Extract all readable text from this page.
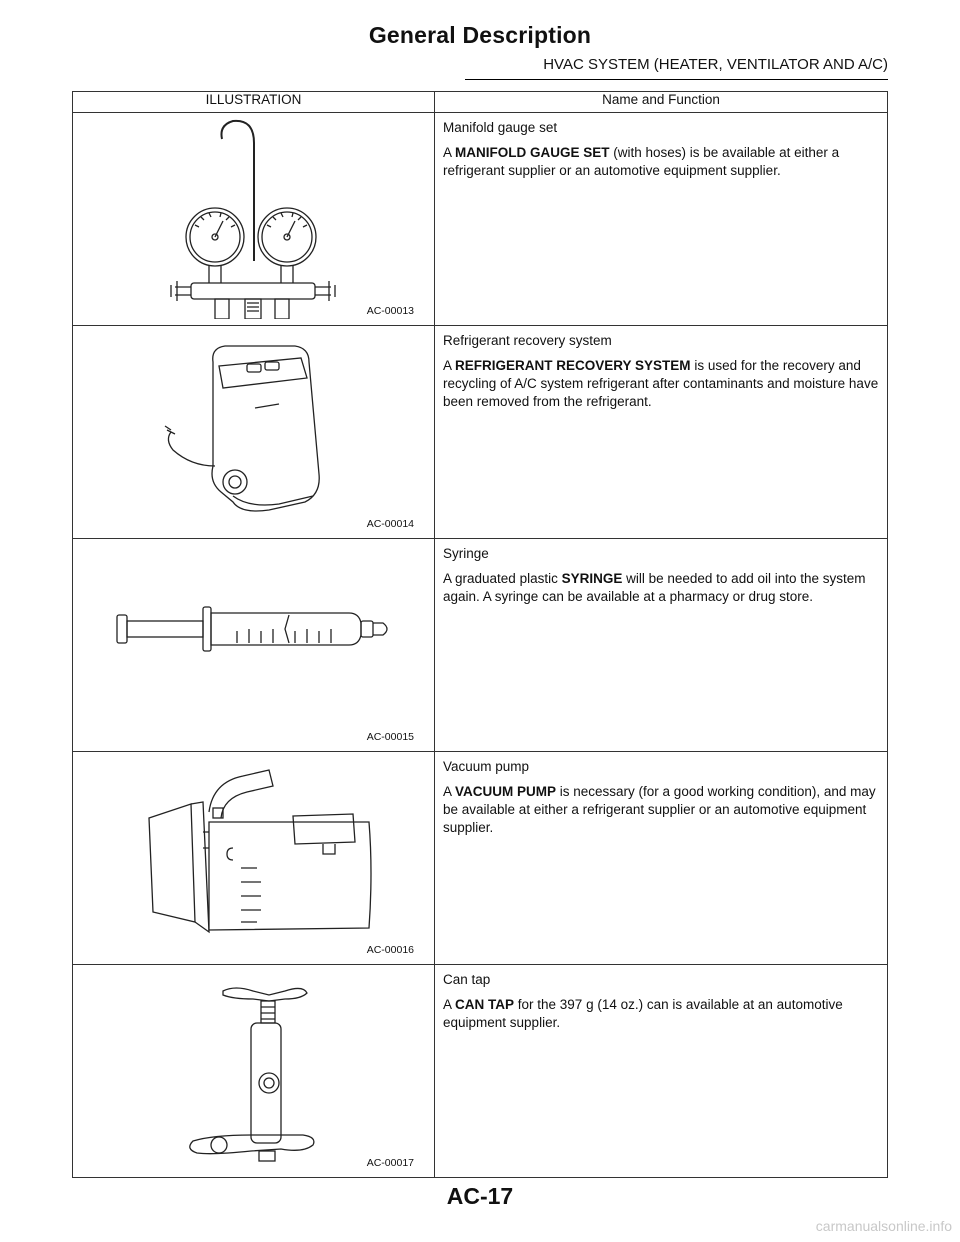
General Description
HVAC SYSTEM (HEATER, VENTILATOR AND A/C)
ILLUSTRATION	Name and Function

AC-00013	Manifold gauge set

A MANIFOLD GAUGE SET (with hoses) is be available at either a refrigerant supplier or an automotive equipment supplier.

AC-00014	Refrigerant recovery system

A REFRIGERANT RECOVERY SYSTEM is used for the recovery and recycling of A/C system refrigerant after contaminants and moisture have been removed from the refrigerant.

AC-00015	Syringe

A graduated plastic SYRINGE will be needed to add oil into the system again. A syringe can be available at a pharmacy or drug store.

AC-00016	Vacuum pump

A VACUUM PUMP is necessary (for a good working condition), and may be available at either a refrigerant supplier or an automotive equipment supplier.

AC-00017	Can tap

A CAN TAP for the 397 g (14 oz.) can is available at an automotive equipment supplier.

AC-17
carmanualsonline.info
